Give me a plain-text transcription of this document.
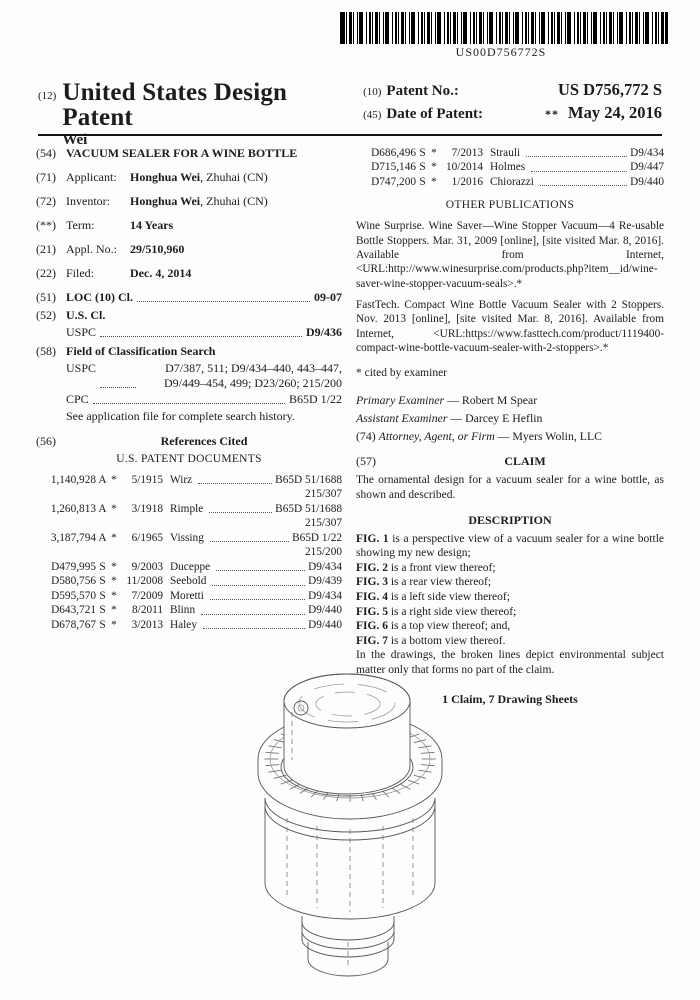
US00D756772S
(12) United States Design Patent
Wei
(10) Patent No.:	US D756,772 S
(45) Date of Patent:	** May 24, 2016
(54) VACUUM SEALER FOR A WINE BOTTLE
(71) Applicant:	Honghua Wei, Zhuhai (CN)
(72) Inventor:	Honghua Wei, Zhuhai (CN)
(**) Term:	14 Years
(21) Appl. No.:	29/510,960
(22) Filed:	Dec. 4, 2014
(51) LOC (10) Cl.	09-07
(52) U.S. Cl.
USPC	D9/436
(58) Field of Classification Search
USPC	D7/387, 511; D9/434–440, 443–447,
D9/449–454, 499; D23/260; 215/200
CPC	B65D 1/22
See application file for complete search history.
(56)	References Cited
U.S. PATENT DOCUMENTS
1,140,928 A *	5/1915 Wirz	B65D 51/1688
215/307
1,260,813 A *	3/1918 Rimple	B65D 51/1688
215/307
3,187,794 A *	6/1965 Vissing	B65D 1/22
215/200
D479,995 S *	9/2003 Duceppe	D9/434
D580,756 S * 11/2008 Seebold	D9/439
D595,570 S *	7/2009 Moretti	D9/434
D643,721 S *	8/2011 Blinn	D9/440
D678,767 S *	3/2013 Haley	D9/440
D686,496 S *	7/2013 Strauli	D9/434
D715,146 S * 10/2014 Holmes	D9/447
D747,200 S *	1/2016 Chiorazzi	D9/440
OTHER PUBLICATIONS
Wine Surprise. Wine Saver—Wine Stopper Vacuum—4 Re-usable Bottle Stoppers. Mar. 31, 2009 [online], [site visited Mar. 8, 2016]. Available from Internet, <URL:http://www.winesurprise.com/products.php?item__id/wine-saver-wine-stopper-vacuum-seals>.*
FastTech. Compact Wine Bottle Vacuum Sealer with 2 Stoppers. Nov. 2013 [online], [site visited Mar. 8, 2016]. Available from Internet, <URL:https://www.fasttech.com/product/1119400-compact-wine-bottle-vacuum-sealer-with-2-stoppers>.*
* cited by examiner
Primary Examiner — Robert M Spear
Assistant Examiner — Darcey E Heflin
(74) Attorney, Agent, or Firm — Myers Wolin, LLC
(57)	CLAIM
The ornamental design for a vacuum sealer for a wine bottle, as shown and described.
DESCRIPTION
FIG. 1 is a perspective view of a vacuum sealer for a wine bottle showing my new design;
FIG. 2 is a front view thereof;
FIG. 3 is a rear view thereof;
FIG. 4 is a left side view thereof;
FIG. 5 is a right side view thereof;
FIG. 6 is a top view thereof; and,
FIG. 7 is a bottom view thereof.
In the drawings, the broken lines depict environmental subject matter only that forms no part of the claim.
1 Claim, 7 Drawing Sheets
